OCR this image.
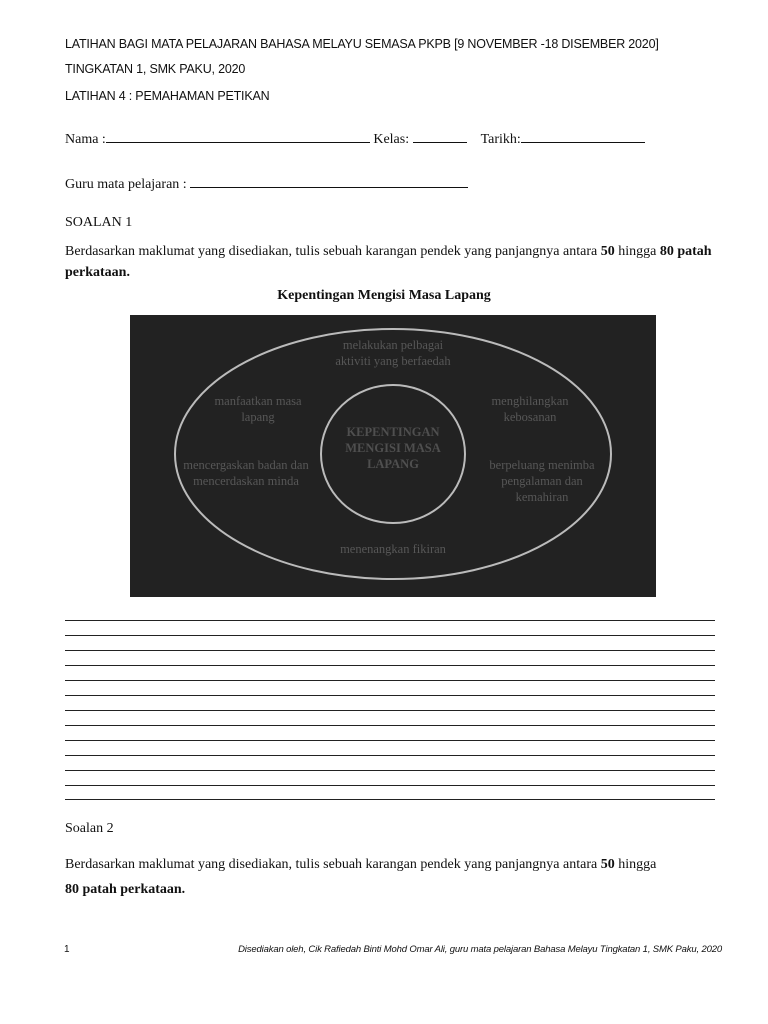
LATIHAN BAGI MATA PELAJARAN BAHASA MELAYU SEMASA PKPB [9 NOVEMBER -18 DISEMBER 2020]
TINGKATAN 1, SMK PAKU, 2020
LATIHAN 4 : PEMAHAMAN PETIKAN
Nama :	Kelas:	Tarikh:
Guru mata pelajaran :
SOALAN 1
Berdasarkan maklumat yang disediakan, tulis sebuah karangan pendek yang panjangnya antara 50 hingga 80 patah perkataan.
Kepentingan Mengisi Masa Lapang
KEPENTINGAN MENGISI MASA LAPANG
melakukan pelbagai aktiviti yang berfaedah
manfaatkan masa lapang
mencergaskan badan dan mencerdaskan minda
menghilangkan kebosanan
berpeluang menimba pengalaman dan kemahiran
menenangkan fikiran
Soalan 2
Berdasarkan maklumat yang disediakan, tulis sebuah karangan pendek yang panjangnya antara 50 hingga
80 patah perkataan.
1	Disediakan oleh, Cik Rafiedah Binti Mohd Omar Ali, guru mata pelajaran Bahasa Melayu Tingkatan 1, SMK Paku, 2020
